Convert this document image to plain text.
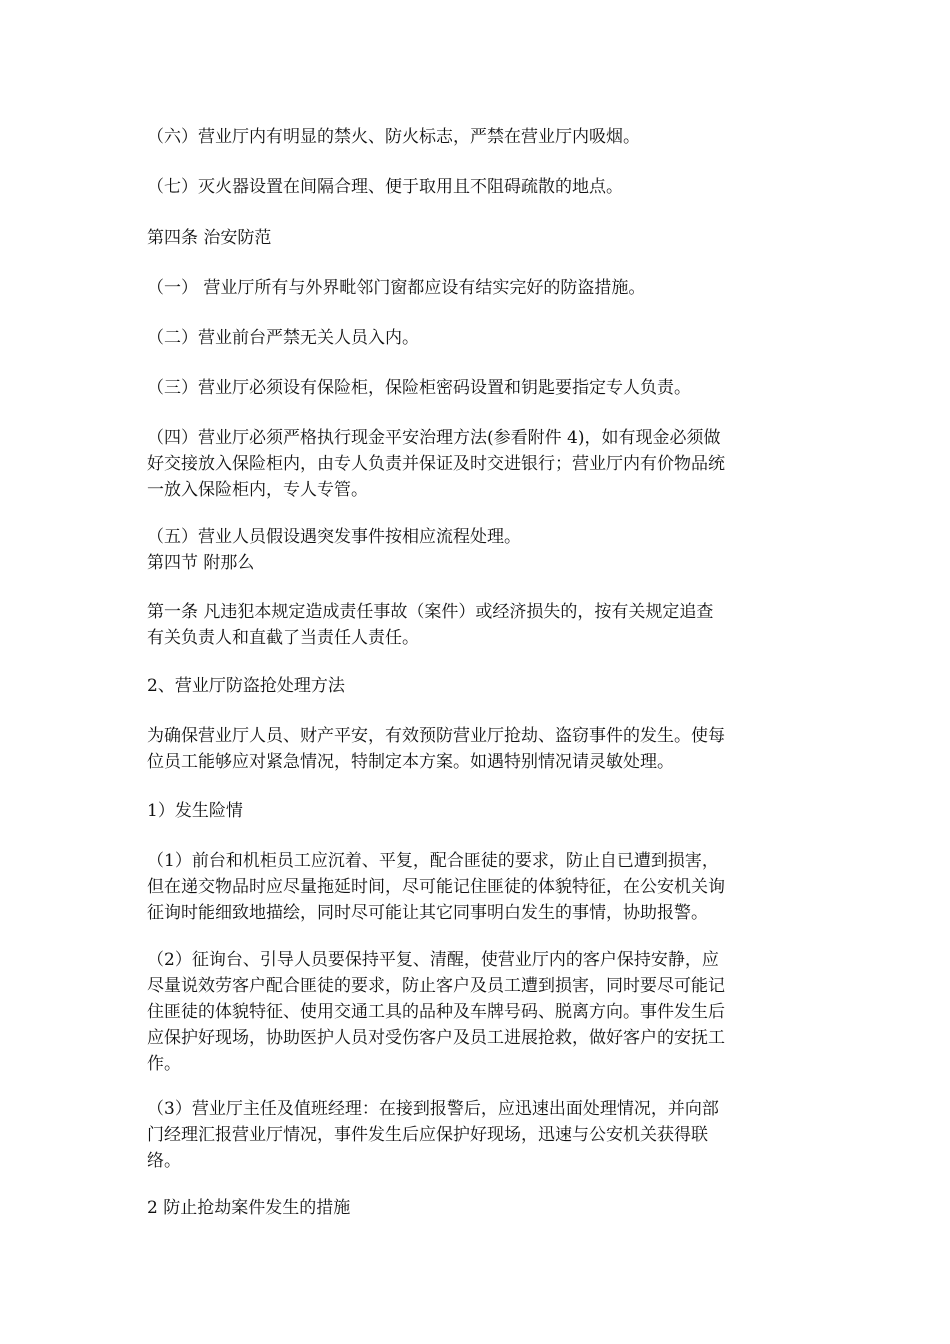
（六）营业厅内有明显的禁火、防火标志，严禁在营业厅内吸烟。

（七）灭火器设置在间隔合理、便于取用且不阻碍疏散的地点。

第四条 治安防范

（一） 营业厅所有与外界毗邻门窗都应设有结实完好的防盗措施。

（二）营业前台严禁无关人员入内。

（三）营业厅必须设有保险柜，保险柜密码设置和钥匙要指定专人负责。

（四）营业厅必须严格执行现金平安治理方法(参看附件 4)，如有现金必须做
好交接放入保险柜内，由专人负责并保证及时交进银行；营业厅内有价物品统
一放入保险柜内，专人专管。

（五）营业人员假设遇突发事件按相应流程处理。
第四节 附那么

第一条 凡违犯本规定造成责任事故（案件）或经济损失的，按有关规定追查
有关负责人和直截了当责任人责任。

2、营业厅防盗抢处理方法

为确保营业厅人员、财产平安，有效预防营业厅抢劫、盗窃事件的发生。使每
位员工能够应对紧急情况，特制定本方案。如遇特别情况请灵敏处理。

1）发生险情

（1）前台和机柜员工应沉着、平复，配合匪徒的要求，防止自已遭到损害，
但在递交物品时应尽量拖延时间，尽可能记住匪徒的体貌特征，在公安机关询
征询时能细致地描绘，同时尽可能让其它同事明白发生的事情，协助报警。

（2）征询台、引导人员要保持平复、清醒，使营业厅内的客户保持安静，应
尽量说效劳客户配合匪徒的要求，防止客户及员工遭到损害，同时要尽可能记
住匪徒的体貌特征、使用交通工具的品种及车牌号码、脱离方向。事件发生后
应保护好现场，协助医护人员对受伤客户及员工进展抢救，做好客户的安抚工
作。

（3）营业厅主任及值班经理：在接到报警后，应迅速出面处理情况，并向部
门经理汇报营业厅情况，事件发生后应保护好现场，迅速与公安机关获得联
络。

2 防止抢劫案件发生的措施
